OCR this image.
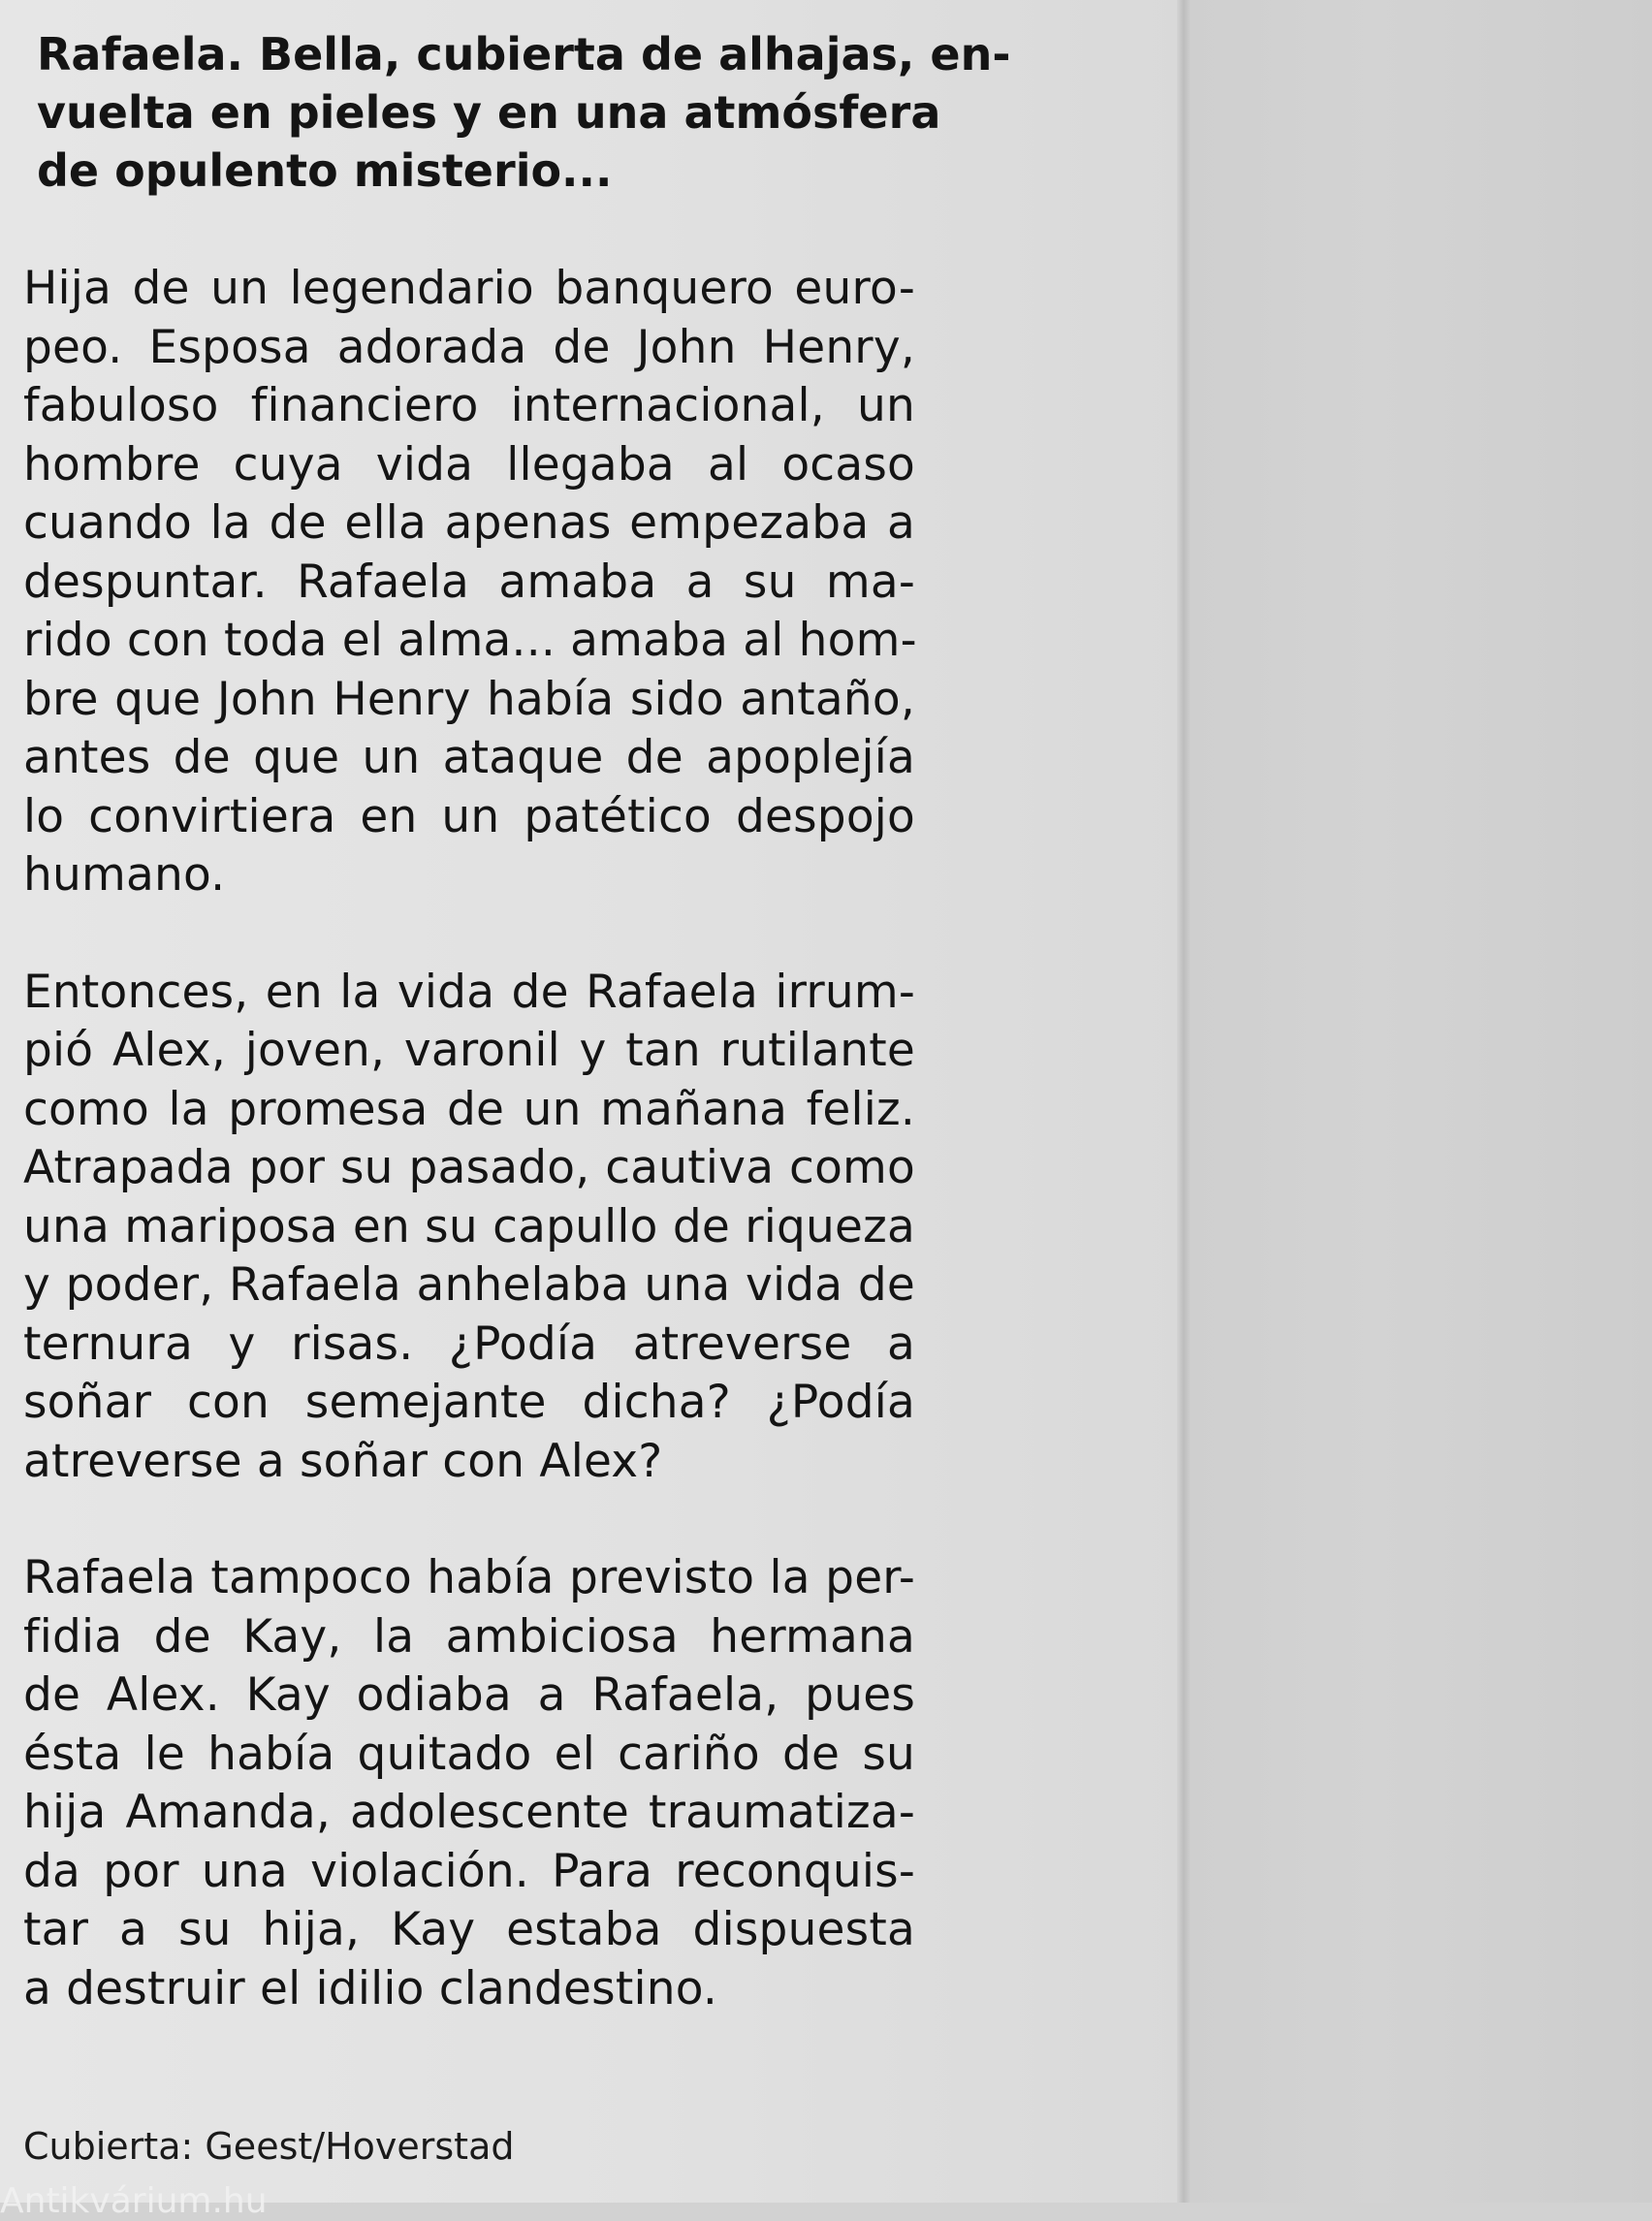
Rafaela. Bella, cubierta de alhajas, en-
vuelta en pieles y en una atmósfera
de opulento misterio...
Hija de un legendario banquero euro-
peo. Esposa adorada de John Henry,
fabuloso financiero internacional, un
hombre cuya vida llegaba al ocaso
cuando la de ella apenas empezaba a
despuntar. Rafaela amaba a su ma-
rido con toda el alma... amaba al hom-
bre que John Henry había sido antaño,
antes de que un ataque de apoplejía
lo convirtiera en un patético despojo
humano.
Entonces, en la vida de Rafaela irrum-
pió Alex, joven, varonil y tan rutilante
como la promesa de un mañana feliz.
Atrapada por su pasado, cautiva como
una mariposa en su capullo de riqueza
y poder, Rafaela anhelaba una vida de
ternura y risas. ¿Podía atreverse a
soñar con semejante dicha? ¿Podía
atreverse a soñar con Alex?
Rafaela tampoco había previsto la per-
fidia de Kay, la ambiciosa hermana
de Alex. Kay odiaba a Rafaela, pues
ésta le había quitado el cariño de su
hija Amanda, adolescente traumatiza-
da por una violación. Para reconquis-
tar a su hija, Kay estaba dispuesta
a destruir el idilio clandestino.
Cubierta: Geest/Hoverstad
Antikvárium.hu
